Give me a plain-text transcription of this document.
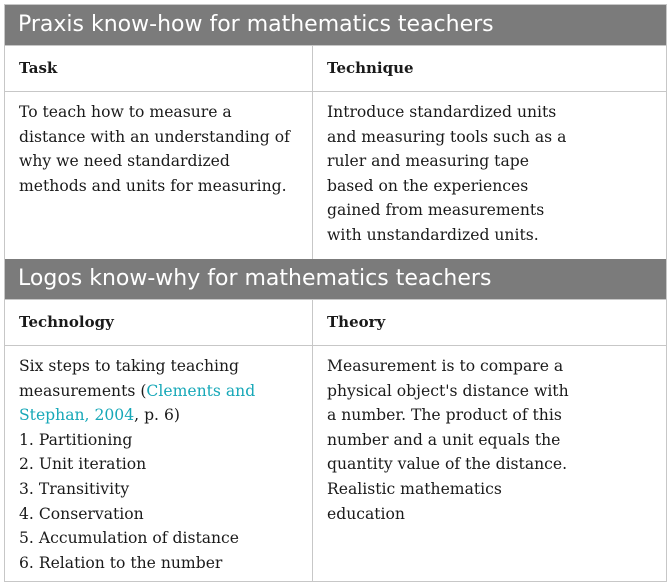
Praxis know-how for mathematics teachers
Task	Technique
To teach how to measure a
distance with an understanding of
why we need standardized
methods and units for measuring.
Introduce standardized units
and measuring tools such as a
ruler and measuring tape
based on the experiences
gained from measurements
with unstandardized units.
Logos know-why for mathematics teachers
Technology	Theory
Six steps to taking teaching
measurements (Clements and
Stephan, 2004, p. 6)
1. Partitioning
2. Unit iteration
3. Transitivity
4. Conservation
5. Accumulation of distance
6. Relation to the number
Measurement is to compare a
physical object's distance with
a number. The product of this
number and a unit equals the
quantity value of the distance.
Realistic mathematics
education
